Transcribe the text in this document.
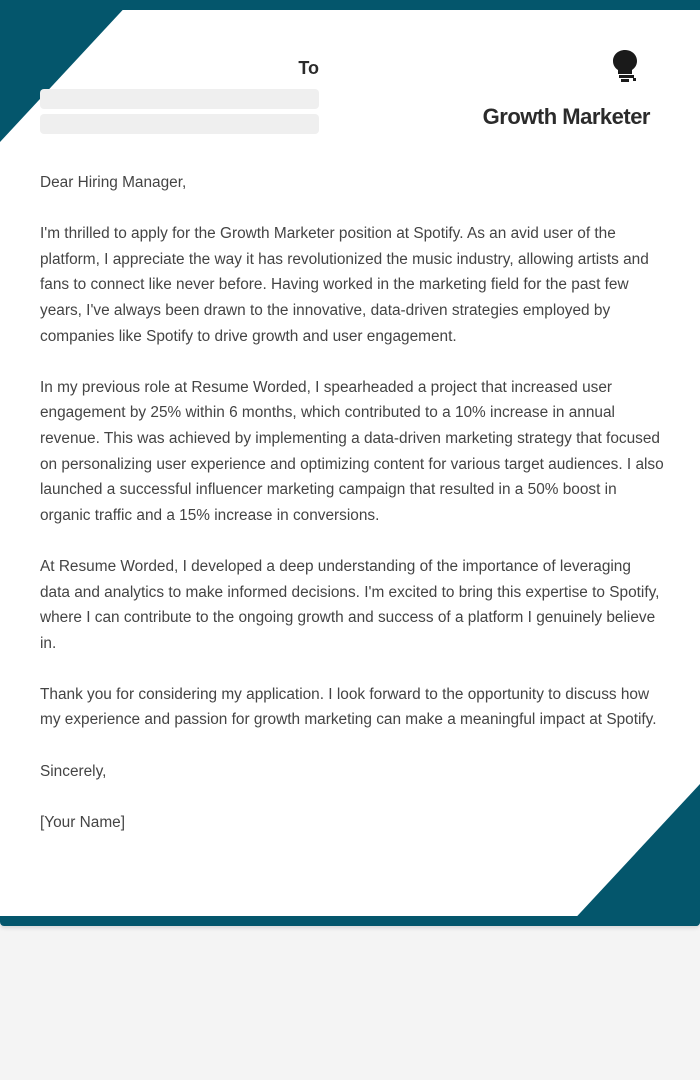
To
Growth Marketer

Dear Hiring Manager,

I'm thrilled to apply for the Growth Marketer position at Spotify. As an avid user of the platform, I appreciate the way it has revolutionized the music industry, allowing artists and fans to connect like never before. Having worked in the marketing field for the past few years, I've always been drawn to the innovative, data-driven strategies employed by companies like Spotify to drive growth and user engagement.

In my previous role at Resume Worded, I spearheaded a project that increased user engagement by 25% within 6 months, which contributed to a 10% increase in annual revenue. This was achieved by implementing a data-driven marketing strategy that focused on personalizing user experience and optimizing content for various target audiences. I also launched a successful influencer marketing campaign that resulted in a 50% boost in organic traffic and a 15% increase in conversions.

At Resume Worded, I developed a deep understanding of the importance of leveraging data and analytics to make informed decisions. I'm excited to bring this expertise to Spotify, where I can contribute to the ongoing growth and success of a platform I genuinely believe in.

Thank you for considering my application. I look forward to the opportunity to discuss how my experience and passion for growth marketing can make a meaningful impact at Spotify.

Sincerely,

[Your Name]
